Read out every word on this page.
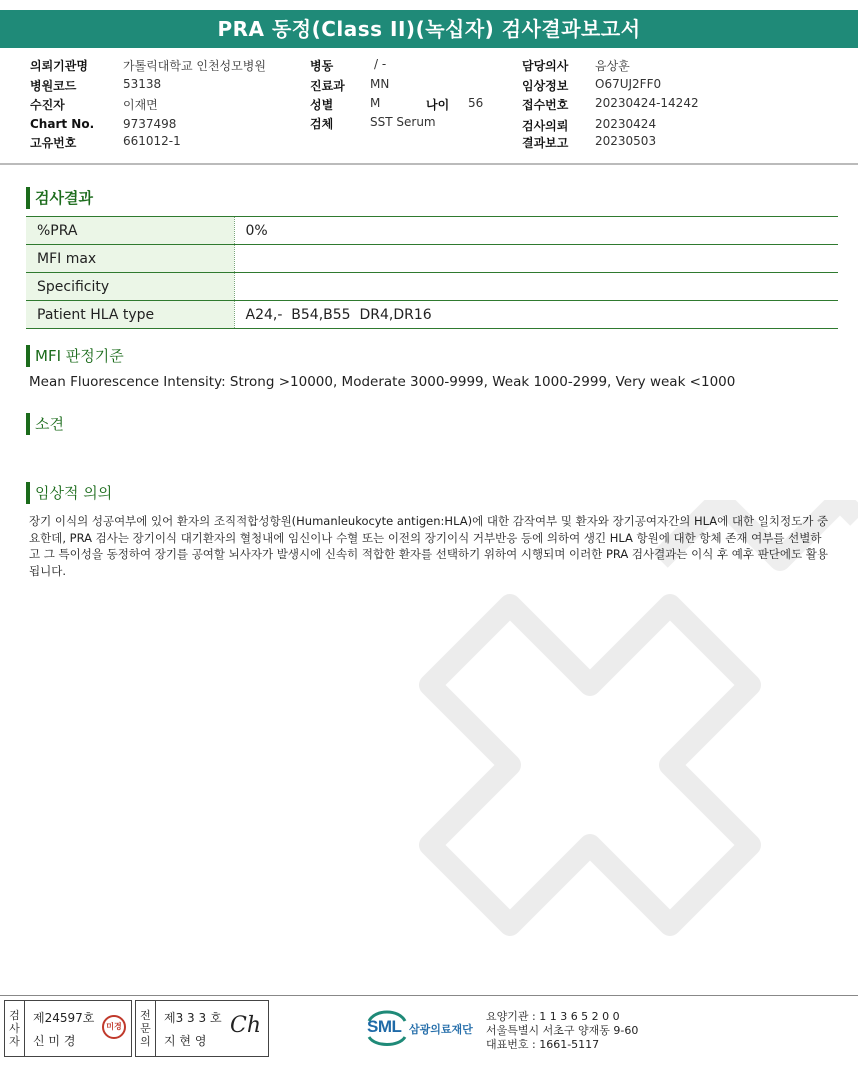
PRA 동정(Class II)(녹십자) 검사결과보고서
의뢰기관명	가톨릭대학교 인천성모병원
병원코드	53138
수진자	이재면
Chart No. 9737498
고유번호	661012-1
병동	/ -
진료과 MN
성별	M	나이 56
검체	SST Serum
담당의사 음상훈
임상정보 O67UJ2FF0
접수번호 20230424-14242
검사의뢰 20230424
결과보고 20230503
검사결과
%PRA	0%
MFI max	
Specificity	
Patient HLA type	A24,-  B54,B55  DR4,DR16
MFI 판정기준
Mean Fluorescence Intensity: Strong >10000, Moderate 3000-9999, Weak 1000-2999, Very weak <1000
소견
임상적 의의
장기 이식의 성공여부에 있어 환자의 조직적합성항원(Humanleukocyte antigen:HLA)에 대한 감작여부 및 환자와 장기공여자간의 HLA에 대한 일치정도가 중요한데, PRA 검사는 장기이식 대기환자의 혈청내에 임신이나 수혈 또는 이전의 장기이식 거부반응 등에 의하여 생긴 HLA 항원에 대한 항체 존재 여부를 선별하고 그 특이성을 동정하여 장기를 공여할 뇌사자가 발생시에 신속히 적합한 환자를 선택하기 위하여 시행되며 이러한 PRA 검사결과는 이식 후 예후 판단에도 활용됩니다.
검
사
자
제24597호
신 미 경
미경
전
문
의
제3 3 3 호
지 현 영
Ch	SML 삼광의료재단
요양기관 : 1 1 3 6 5 2 0 0
서울특별시 서초구 양재동 9-60
대표번호 : 1661-5117
